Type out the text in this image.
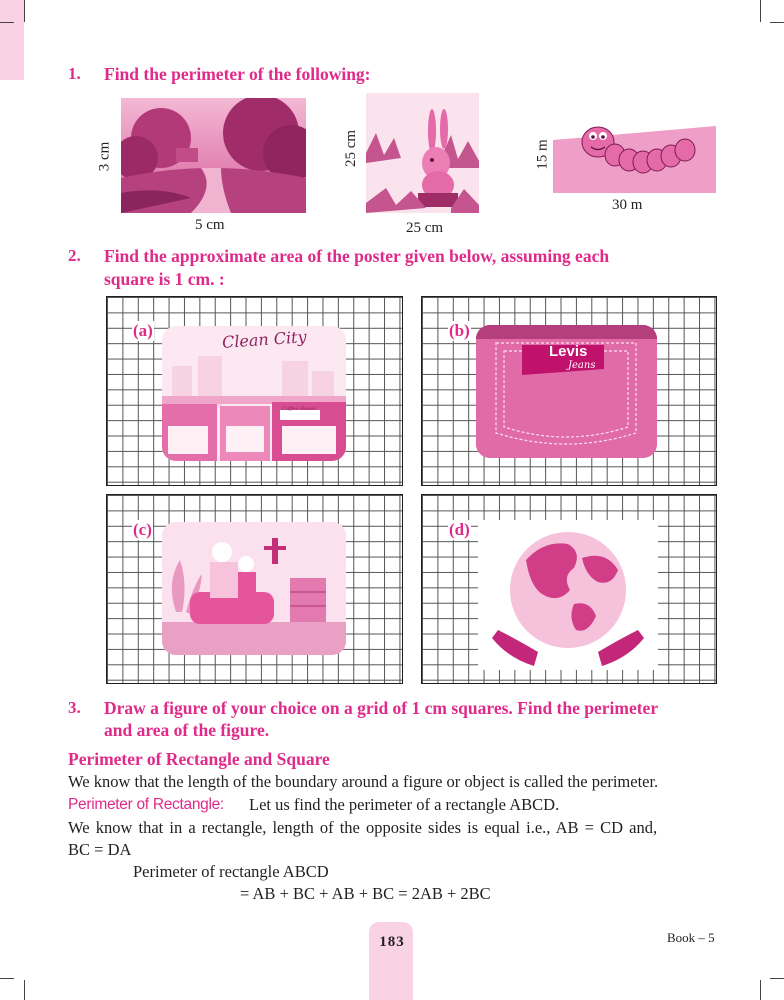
1. Find the perimeter of the following:
3 cm
5 cm
25 cm
25 cm
15 m
30 m
2. Find the approximate area of the poster given below, assuming each
square is 1 cm. :
Clean City
Coffee House
(a)
Levis
Jeans
(b)
(c)	(d)
3. Draw a figure of your choice on a grid of 1 cm squares. Find the perimeter
and area of the figure.
Perimeter of Rectangle and Square
We know that the length of the boundary around a figure or object is called the perimeter.
Perimeter of Rectangle: Let us find the perimeter of a rectangle ABCD.
We know that in a rectangle, length of the opposite sides is equal i.e., AB = CD and,
BC = DA
Perimeter of rectangle ABCD
= AB + BC + AB + BC = 2AB + 2BC
183	Book – 5
